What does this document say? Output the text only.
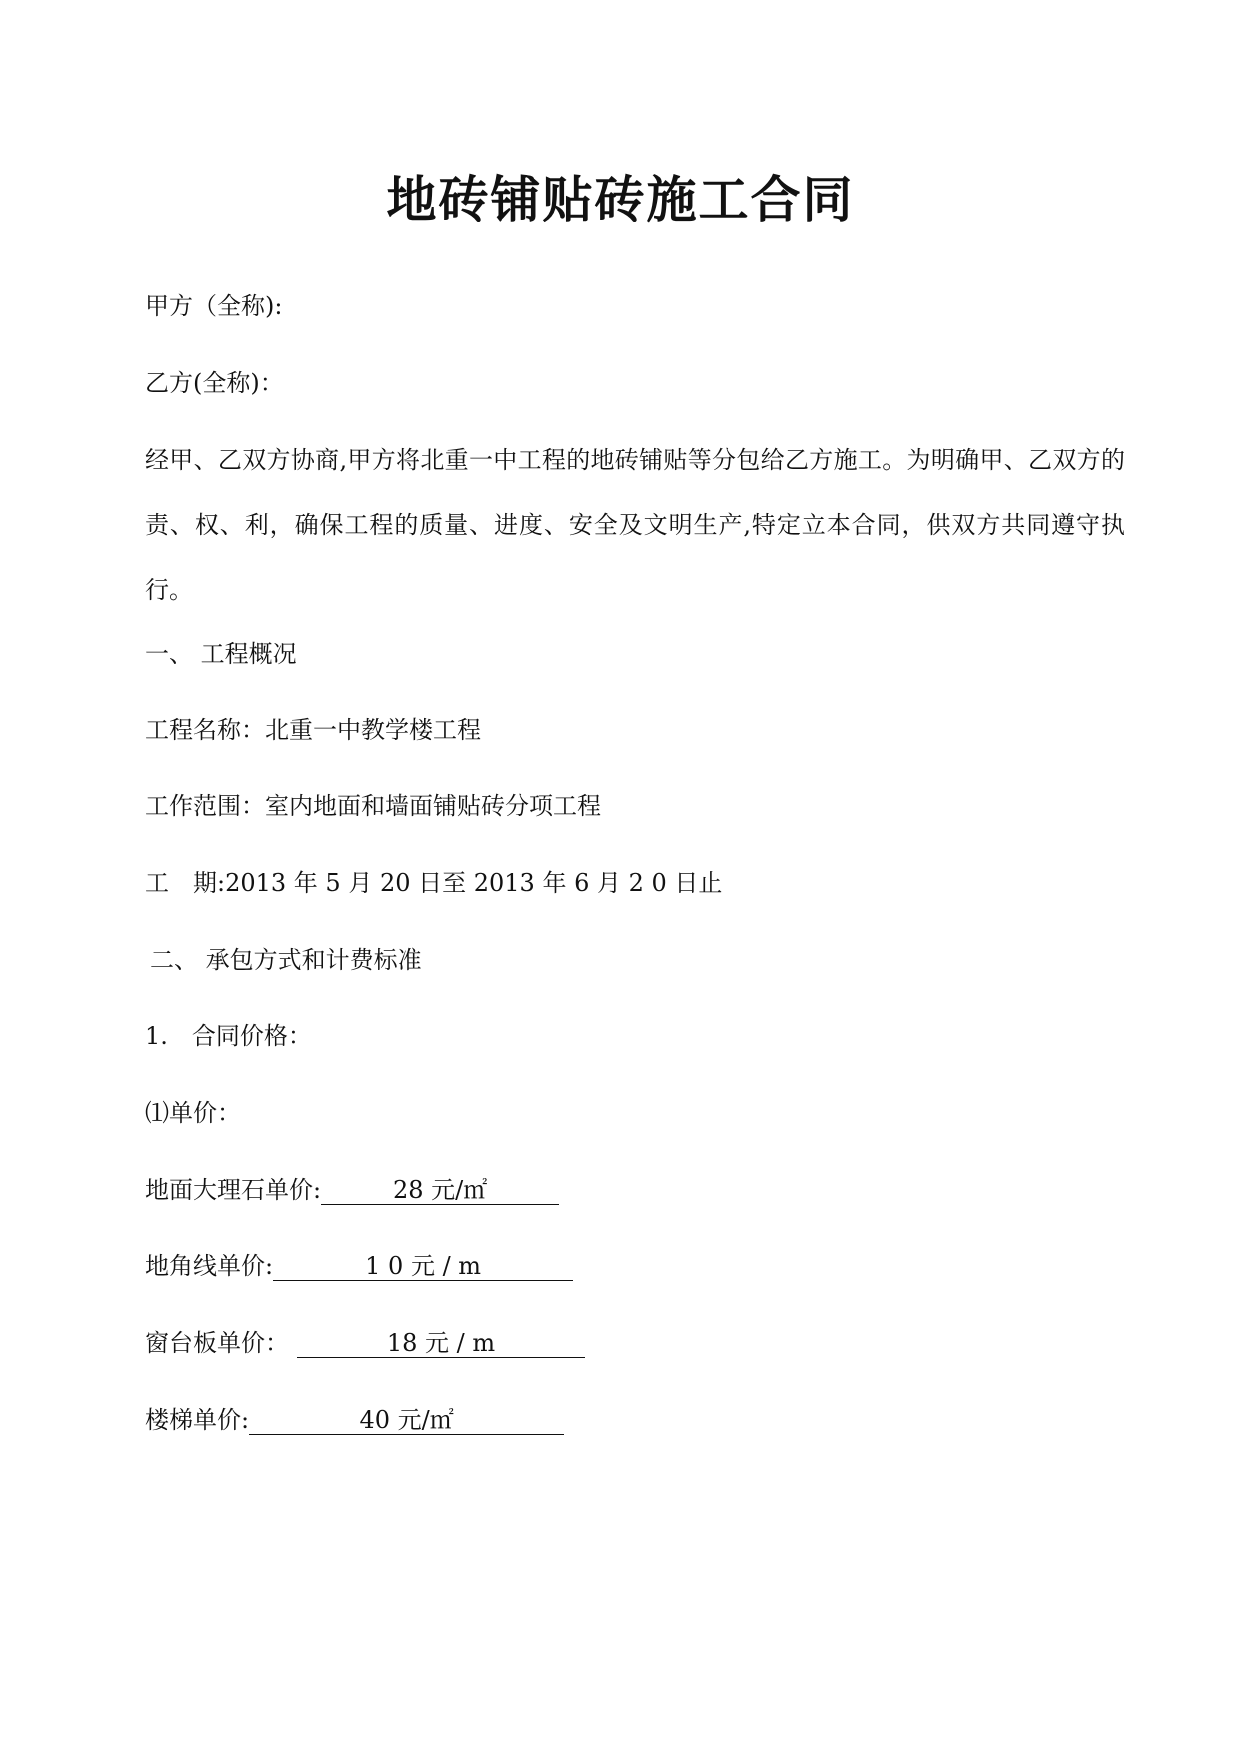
地砖铺贴砖施工合同
甲方（全称):
乙方(全称)：
经甲、乙双方协商,甲方将北重一中工程的地砖铺贴等分包给乙方施工。为明确甲、乙双方的责、权、利，确保工程的质量、进度、安全及文明生产,特定立本合同，供双方共同遵守执行。
一、 工程概况
工程名称：北重一中教学楼工程
工作范围：室内地面和墙面铺贴砖分项工程
工　期:2013 年 5 月 20 日至 2013 年 6 月 2 0 日止
二、 承包方式和计费标准
1.　合同价格：
⑴单价：
地面大理石单价:	28 元/㎡
地角线单价:	1 0 元 / m
窗台板单价：	18 元 / m
楼梯单价:	40 元/㎡
